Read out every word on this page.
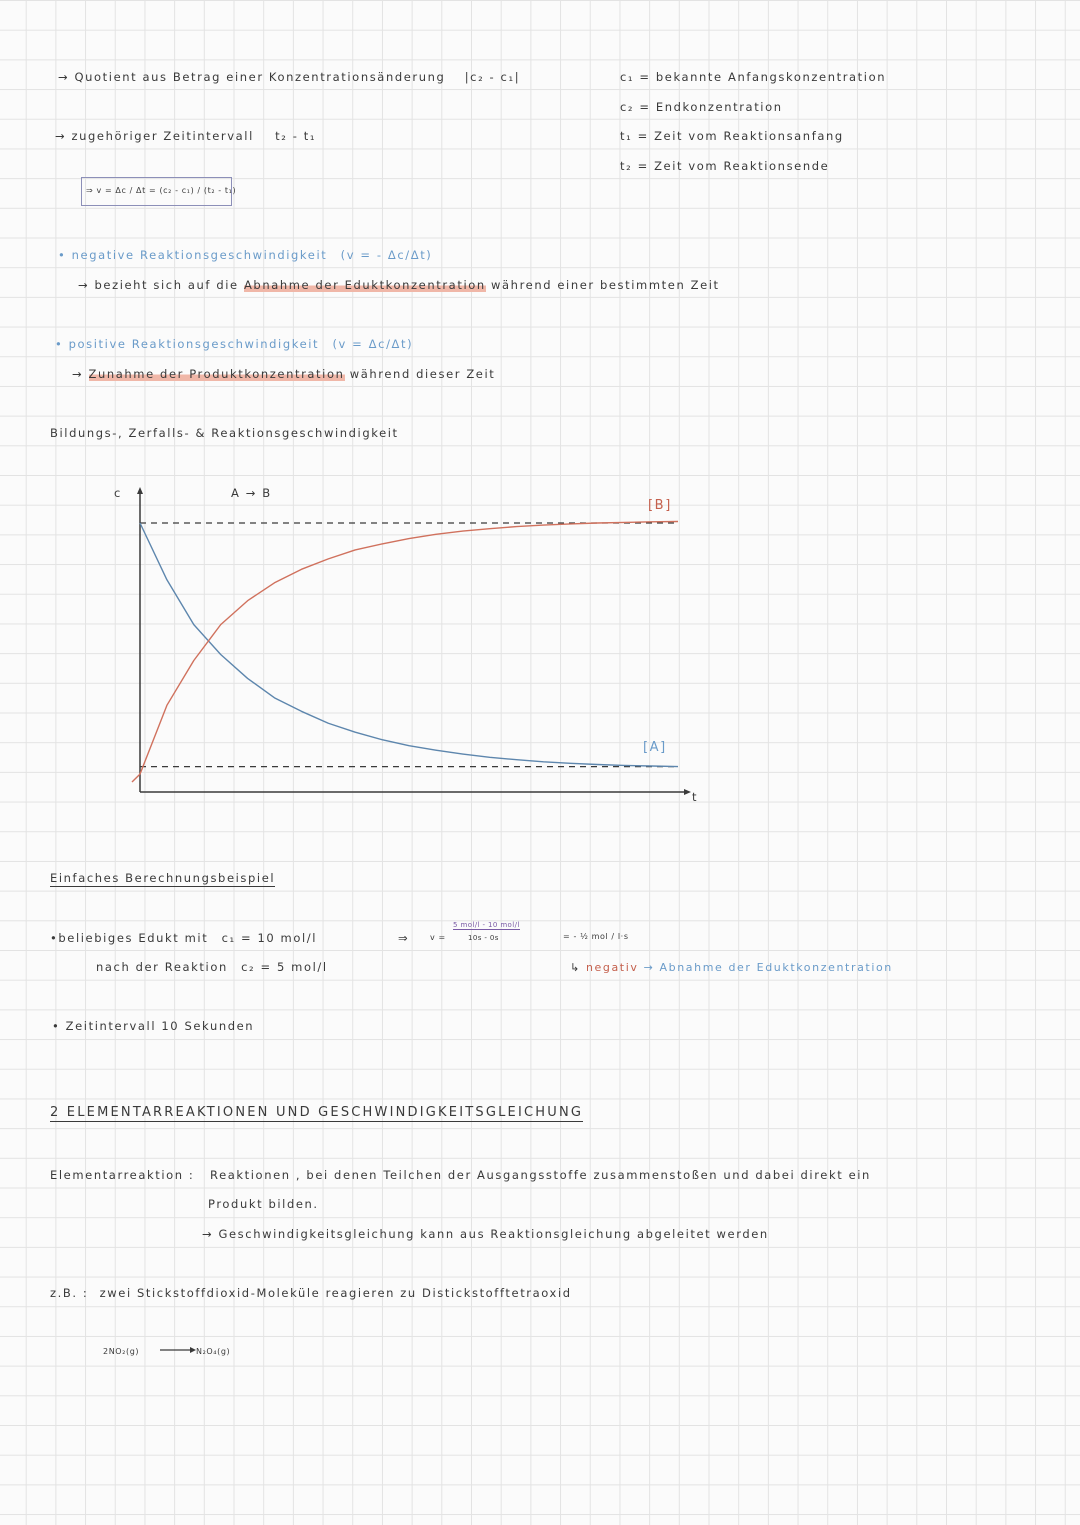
→ Quotient aus Betrag einer Konzentrationsänderung |c₂ - c₁|
→ zugehöriger Zeitintervall t₂ - t₁
⇒ v = Δc / Δt = (c₂ - c₁) / (t₂ - t₁)
c₁ = bekannte Anfangskonzentration
c₂ = Endkonzentration
t₁ = Zeit vom Reaktionsanfang
t₂ = Zeit vom Reaktionsende
• negative Reaktionsgeschwindigkeit (v = - Δc/Δt)
→ bezieht sich auf die Abnahme der Eduktkonzentration während einer bestimmten Zeit
• positive Reaktionsgeschwindigkeit (v = Δc/Δt)
→ Zunahme der Produktkonzentration während dieser Zeit
Bildungs-, Zerfalls- & Reaktionsgeschwindigkeit
c	A → B
[B]
[A]
t
Einfaches Berechnungsbeispiel
•beliebiges Edukt mit c₁ = 10 mol/l
nach der Reaktion c₂ = 5 mol/l
• Zeitintervall 10 Sekunden
⇒	v =
5 mol/l - 10 mol/l
10s - 0s	= - ½ mol / l·s
↳ negativ → Abnahme der Eduktkonzentration
2 ELEMENTARREAKTIONEN UND GESCHWINDIGKEITSGLEICHUNG
Elementarreaktion : Reaktionen , bei denen Teilchen der Ausgangsstoffe zusammenstoßen und dabei direkt ein
Produkt bilden.
→ Geschwindigkeitsgleichung kann aus Reaktionsgleichung abgeleitet werden
z.B. : zwei Stickstoffdioxid-Moleküle reagieren zu Distickstofftetraoxid
2NO₂(g)	N₂O₄(g)
